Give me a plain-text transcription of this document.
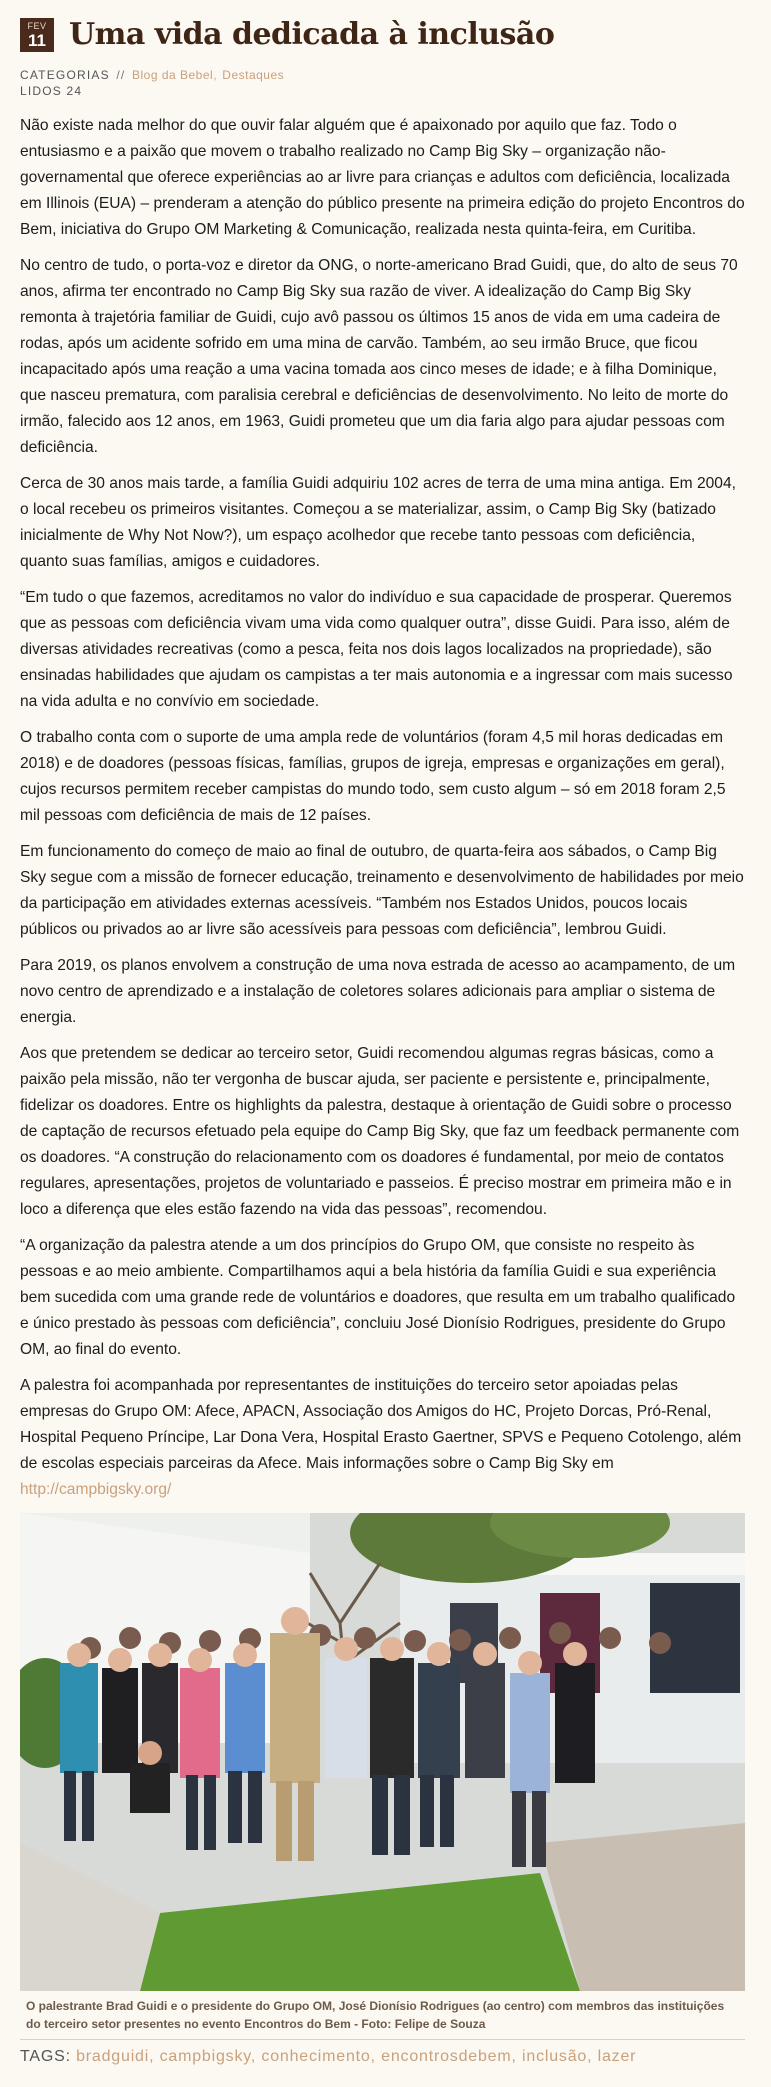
FEV
11 Uma vida dedicada à inclusão
CATEGORIAS // Blog da Bebel, Destaques
LIDOS 24

Não existe nada melhor do que ouvir falar alguém que é apaixonado por aquilo que faz. Todo o entusiasmo e a paixão que movem o trabalho realizado no Camp Big Sky – organização não-governamental que oferece experiências ao ar livre para crianças e adultos com deficiência, localizada em Illinois (EUA) – prenderam a atenção do público presente na primeira edição do projeto Encontros do Bem, iniciativa do Grupo OM Marketing & Comunicação, realizada nesta quinta-feira, em Curitiba.

No centro de tudo, o porta-voz e diretor da ONG, o norte-americano Brad Guidi, que, do alto de seus 70 anos, afirma ter encontrado no Camp Big Sky sua razão de viver. A idealização do Camp Big Sky remonta à trajetória familiar de Guidi, cujo avô passou os últimos 15 anos de vida em uma cadeira de rodas, após um acidente sofrido em uma mina de carvão. Também, ao seu irmão Bruce, que ficou incapacitado após uma reação a uma vacina tomada aos cinco meses de idade; e à filha Dominique, que nasceu prematura, com paralisia cerebral e deficiências de desenvolvimento. No leito de morte do irmão, falecido aos 12 anos, em 1963, Guidi prometeu que um dia faria algo para ajudar pessoas com deficiência.

Cerca de 30 anos mais tarde, a família Guidi adquiriu 102 acres de terra de uma mina antiga. Em 2004, o local recebeu os primeiros visitantes. Começou a se materializar, assim, o Camp Big Sky (batizado inicialmente de Why Not Now?), um espaço acolhedor que recebe tanto pessoas com deficiência, quanto suas famílias, amigos e cuidadores.

“Em tudo o que fazemos, acreditamos no valor do indivíduo e sua capacidade de prosperar. Queremos que as pessoas com deficiência vivam uma vida como qualquer outra”, disse Guidi. Para isso, além de diversas atividades recreativas (como a pesca, feita nos dois lagos localizados na propriedade), são ensinadas habilidades que ajudam os campistas a ter mais autonomia e a ingressar com mais sucesso na vida adulta e no convívio em sociedade.

O trabalho conta com o suporte de uma ampla rede de voluntários (foram 4,5 mil horas dedicadas em 2018) e de doadores (pessoas físicas, famílias, grupos de igreja, empresas e organizações em geral), cujos recursos permitem receber campistas do mundo todo, sem custo algum – só em 2018 foram 2,5 mil pessoas com deficiência de mais de 12 países.

Em funcionamento do começo de maio ao final de outubro, de quarta-feira aos sábados, o Camp Big Sky segue com a missão de fornecer educação, treinamento e desenvolvimento de habilidades por meio da participação em atividades externas acessíveis. “Também nos Estados Unidos, poucos locais públicos ou privados ao ar livre são acessíveis para pessoas com deficiência”, lembrou Guidi.

Para 2019, os planos envolvem a construção de uma nova estrada de acesso ao acampamento, de um novo centro de aprendizado e a instalação de coletores solares adicionais para ampliar o sistema de energia.

Aos que pretendem se dedicar ao terceiro setor, Guidi recomendou algumas regras básicas, como a paixão pela missão, não ter vergonha de buscar ajuda, ser paciente e persistente e, principalmente, fidelizar os doadores. Entre os highlights da palestra, destaque à orientação de Guidi sobre o processo de captação de recursos efetuado pela equipe do Camp Big Sky, que faz um feedback permanente com os doadores. “A construção do relacionamento com os doadores é fundamental, por meio de contatos regulares, apresentações, projetos de voluntariado e passeios. É preciso mostrar em primeira mão e in loco a diferença que eles estão fazendo na vida das pessoas”, recomendou.

“A organização da palestra atende a um dos princípios do Grupo OM, que consiste no respeito às pessoas e ao meio ambiente. Compartilhamos aqui a bela história da família Guidi e sua experiência bem sucedida com uma grande rede de voluntários e doadores, que resulta em um trabalho qualificado e único prestado às pessoas com deficiência”, concluiu José Dionísio Rodrigues, presidente do Grupo OM, ao final do evento.

A palestra foi acompanhada por representantes de instituições do terceiro setor apoiadas pelas empresas do Grupo OM: Afece, APACN, Associação dos Amigos do HC, Projeto Dorcas, Pró-Renal, Hospital Pequeno Príncipe, Lar Dona Vera, Hospital Erasto Gaertner, SPVS e Pequeno Cotolengo, além de escolas especiais parceiras da Afece. Mais informações sobre o Camp Big Sky em http://campbigsky.org/

O palestrante Brad Guidi e o presidente do Grupo OM, José Dionísio Rodrigues (ao centro) com membros das instituições do terceiro setor presentes no evento Encontros do Bem - Foto: Felipe de Souza
TAGS: bradguidi, campbigsky, conhecimento, encontrosdebem, inclusão, lazer
